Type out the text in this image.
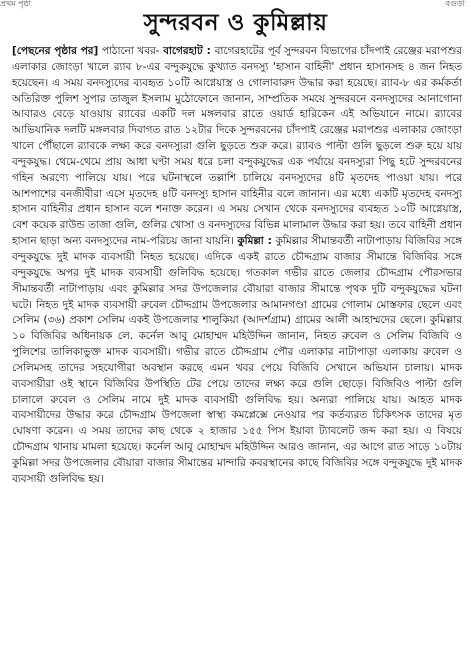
প্রথম পৃষ্ঠা	বগুড়া
সুন্দরবন ও কুমিল্লায়

[পেছনের পৃষ্ঠার পর] পাঠানো খবর- বাগেরহাট : বাগেরহাটের পূর্ব সুন্দরবন বিভাগের চাঁদপাই রেঞ্জের মরাপশুর এলাকার জোংড়া খালে র‌্যাব ৮-এর বন্দুকযুদ্ধে কুখ্যাত বনদস্যু 'হাসান বাহিনী' প্রধান হাসানসহ ৪ জন নিহত হয়েছেন। এ সময় বনদস্যুদের ব্যবহৃত ১০টি আগ্নেয়াস্ত্র ও গোলাবারুদ উদ্ধার করা হয়েছে। র‌্যাব-৮ এর কর্মকর্তা অতিরিক্ত পুলিশ সুপার তাজুল ইসলাম মুঠোফোনে জানান, সাম্প্রতিক সময়ে সুন্দরবনে বনদস্যুদের আনাগোনা আবারও বেড়ে যাওয়ায় র‌্যাবের একটি দল মঙ্গলবার রাতে ওয়ার্ড হারিকেন এই অভিযানে নামে। র‌্যাবের আভিযানিক দলটি মঙ্গলবার দিবাগত রাত ১২টার দিকে সুন্দরবনের চাঁদপাই রেঞ্জের মরাপশুর এলাকার জোংড়া খালে পৌঁছালে র‌্যাবকে লক্ষ্য করে বনদস্যুরা গুলি ছুড়তে শুরু করে। র‌্যাবও পাল্টা গুলি ছুড়লে শুরু হয়ে যায় বন্দুকযুদ্ধ। থেমে-থেমে প্রায় আধা ঘণ্টা সময় ধরে চলা বন্দুকযুদ্ধের এক পর্যায়ে বনদস্যুরা পিছু হটে সুন্দরবনের গহিন অরণ্যে পালিয়ে যায়। পরে ঘটনাস্থলে তল্লাশি চালিয়ে বনদস্যুদের ৪টি মৃতদেহ পাওয়া যায়। পরে আশপাশের বনজীবীরা এসে মৃতদেহ ৪টি বনদস্যু হাসান বাহিনীর বলে জানান। এর মধ্যে একটি মৃতদেহ বনদস্যু হাসান বাহিনীর প্রধান হাসান বলে শনাক্ত করেন। এ সময় সেখান থেকে বনদস্যুদের ব্যবহৃত ১০টি আগ্নেয়াস্ত্র, বেশ কয়েক রাউন্ড তাজা গুলি, গুলির খোসা ও বনদস্যুদের বিভিন্ন মালামাল উদ্ধার করা হয়। তবে বাহিনী প্রধান হাসান ছাড়া অন্য বনদস্যুদের নাম-পরিচয় জানা যায়নি। কুমিল্লা : কুমিল্লার সীমান্তবর্তী নাটাপাড়ায় বিজিবির সঙ্গে বন্দুকযুদ্ধে দুই মাদক ব্যবসায়ী নিহত হয়েছে। এদিকে একই রাতে চৌদ্দগ্রাম বাজার সীমান্তে বিজিবির সঙ্গে বন্দুকযুদ্ধে অপর দুই মাদক ব্যবসায়ী গুলিবিদ্ধ হয়েছে। গতকাল গভীর রাতে জেলার চৌদ্দগ্রাম পৌরসভার সীমান্তবর্তী নাটাপাড়ায় এবং কুমিল্লার সদর উপজেলার বৌয়ারা বাজার সীমান্তে পৃথক দুটি বন্দুকযুদ্ধের ঘটনা ঘটে। নিহত দুই মাদক ব্যবসায়ী রুবেল চৌদ্দগ্রাম উপজেলার আমানগণ্ডা গ্রামের গোলাম মোস্তফার ছেলে এবং সেলিম (৩৬) প্রকাশ সেলিম একই উপজেলার শালুকিয়া (আদর্শগ্রাম) গ্রামের আলী আহাম্মদের ছেলে। কুমিল্লার ১০ বিজিবির অধিনায়ক লে. কর্নেল আবু মোহাম্মদ মহিউদ্দিন জানান, নিহত রুবেল ও সেলিম বিজিবি ও পুলিশের তালিকাভুক্ত মাদক ব্যবসায়ী। গভীর রাতে চৌদ্দগ্রাম পৌর এলাকার নাটাপাড়া এলাকায় রুবেল ও সেলিমসহ তাদের সহযোগীরা অবস্থান করছে এমন খবর পেয়ে বিজিবি সেখানে অভিযান চালায়। মাদক ব্যবসায়ীরা ওই স্থানে বিজিবির উপস্থিতি টের পেয়ে তাদের লক্ষ্য করে গুলি ছোড়ে। বিজিবিও পাল্টা গুলি চালালে রুবেল ও সেলিম নামে দুই মাদক ব্যবসায়ী গুলিবিদ্ধ হয়। অন্যরা পালিয়ে যায়। আহত মাদক ব্যবসায়ীদের উদ্ধার করে চৌদ্দগ্রাম উপজেলা স্বাস্থ্য কমপ্লেক্সে নেওয়ার পর কর্তব্যরত চিকিৎসক তাদের মৃত ঘোষণা করেন। এ সময় তাদের কাছ থেকে ২ হাজার ১৫৫ পিস ইয়াবা ট্যাবলেট জব্দ করা হয়। এ বিষয়ে চৌদ্দগ্রাম থানায় মামলা হয়েছে। কর্নেল আবু মোহাম্মদ মহিউদ্দিন আরও জানান, এর আগে রাত সাড়ে ১০টায় কুমিল্লা সদর উপজেলার বৌয়ারা বাজার সীমান্তের মান্দারি কবরস্থানের কাছে বিজিবির সঙ্গে বন্দুকযুদ্ধে দুই মাদক ব্যবসায়ী গুলিবিদ্ধ হয়।
